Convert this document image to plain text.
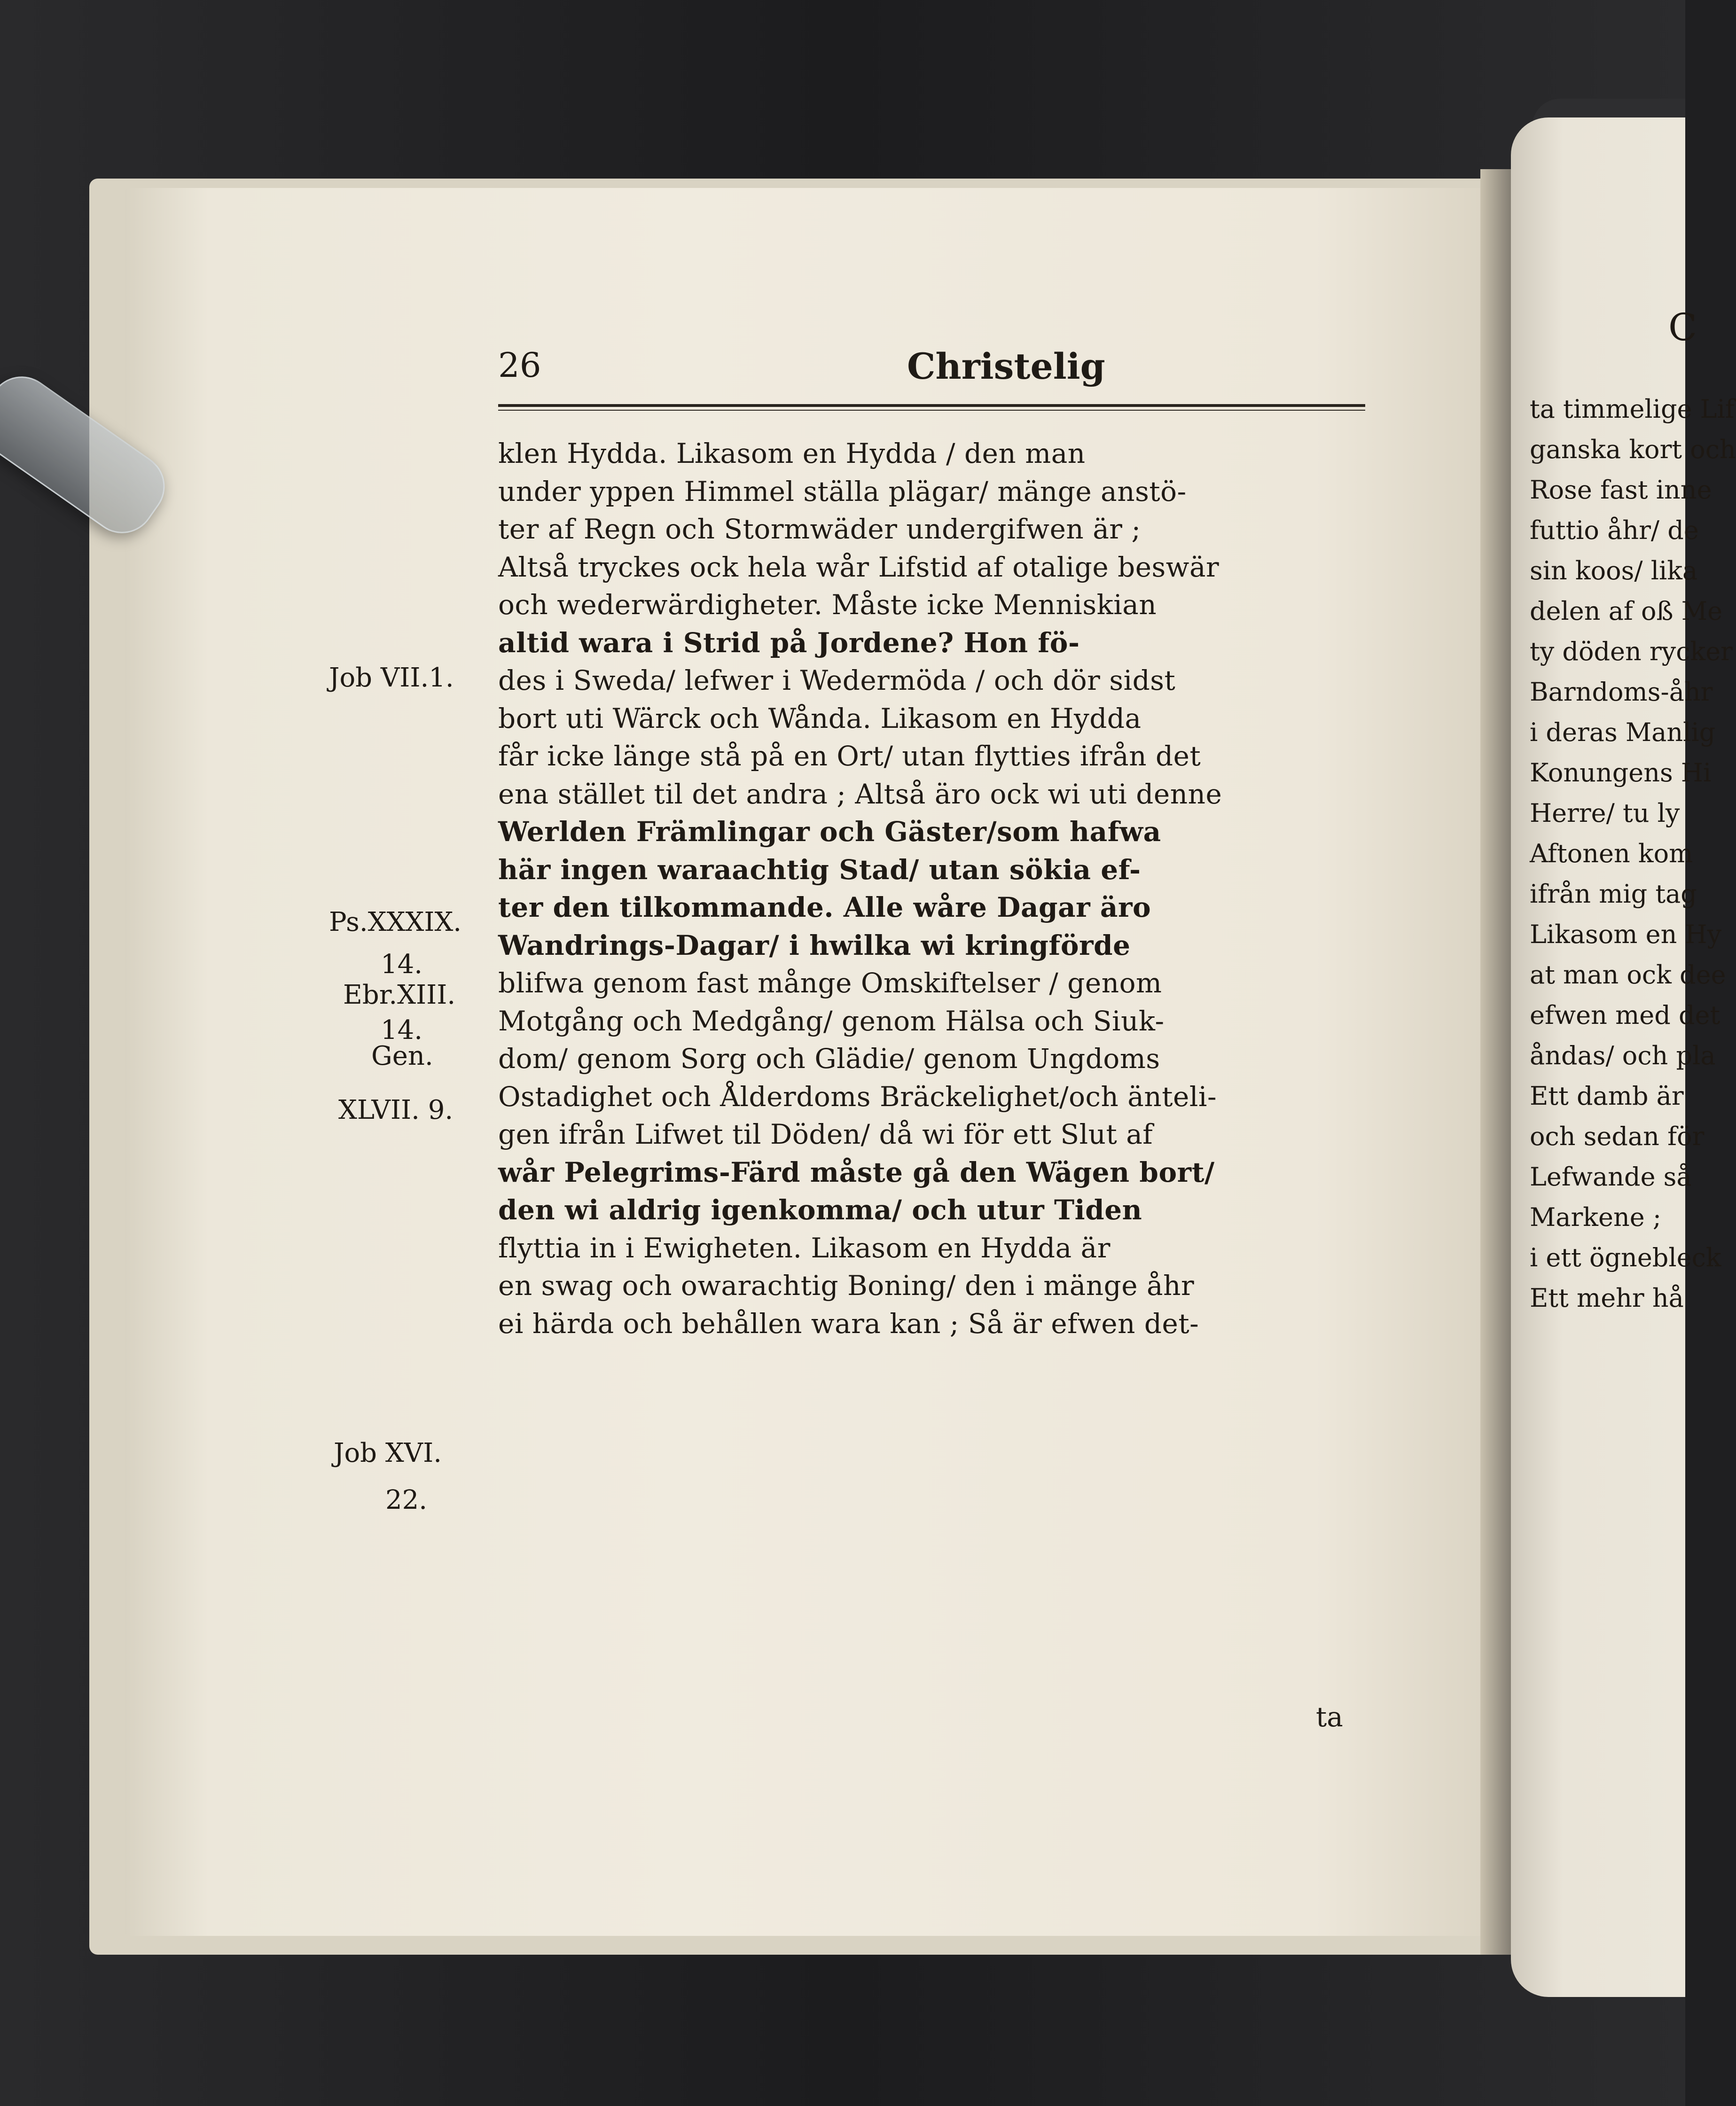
26	Christelig
klen Hydda. Likasom en Hydda / den man
under yppen Himmel ställa plägar/ mänge anstö-
ter af Regn och Stormwäder undergifwen är ;
Altså tryckes ock hela wår Lifstid af otalige beswär
och wederwärdigheter. Måste icke Menniskian
altid wara i Strid på Jordene? Hon fö-
des i Sweda/ lefwer i Wedermöda / och dör sidst
bort uti Wärck och Wånda. Likasom en Hydda
får icke länge stå på en Ort/ utan flytties ifrån det
ena stället til det andra ; Altså äro ock wi uti denne
Werlden Främlingar och Gäster/som hafwa
här ingen waraachtig Stad/ utan sökia ef-
ter den tilkommande. Alle wåre Dagar äro
Wandrings-Dagar/ i hwilka wi kringförde
blifwa genom fast månge Omskiftelser / genom
Motgång och Medgång/ genom Hälsa och Siuk-
dom/ genom Sorg och Glädie/ genom Ungdoms
Ostadighet och Ålderdoms Bräckelighet/och änteli-
gen ifrån Lifwet til Döden/ då wi för ett Slut af
wår Pelegrims-Färd måste gå den Wägen bort/
den wi aldrig igenkomma/ och utur Tiden
flyttia in i Ewigheten. Likasom en Hydda är
en swag och owarachtig Boning/ den i mänge åhr
ei härda och behållen wara kan ; Så är efwen det-
ta
Job VII.1.
Ps.XXXIX.
14.
Ebr.XIII.
14.
Gen.
XLVII. 9.
Job XVI.
22.
C
ta timmelige Lif
ganska kort och
Rose fast inne
futtio åhr/ de
sin koos/ lika
delen af oß Me
ty döden rycker
Barndoms-åhr
i deras Manlig
Konungens Hi
Herre/ tu ly
Aftonen kom
ifrån mig tag
Likasom en Hy
at man ock dee
efwen med det
åndas/ och pla
Ett damb är
och sedan för
Lefwande så
Markene ;
i ett ögnebleck
Ett mehr hå
